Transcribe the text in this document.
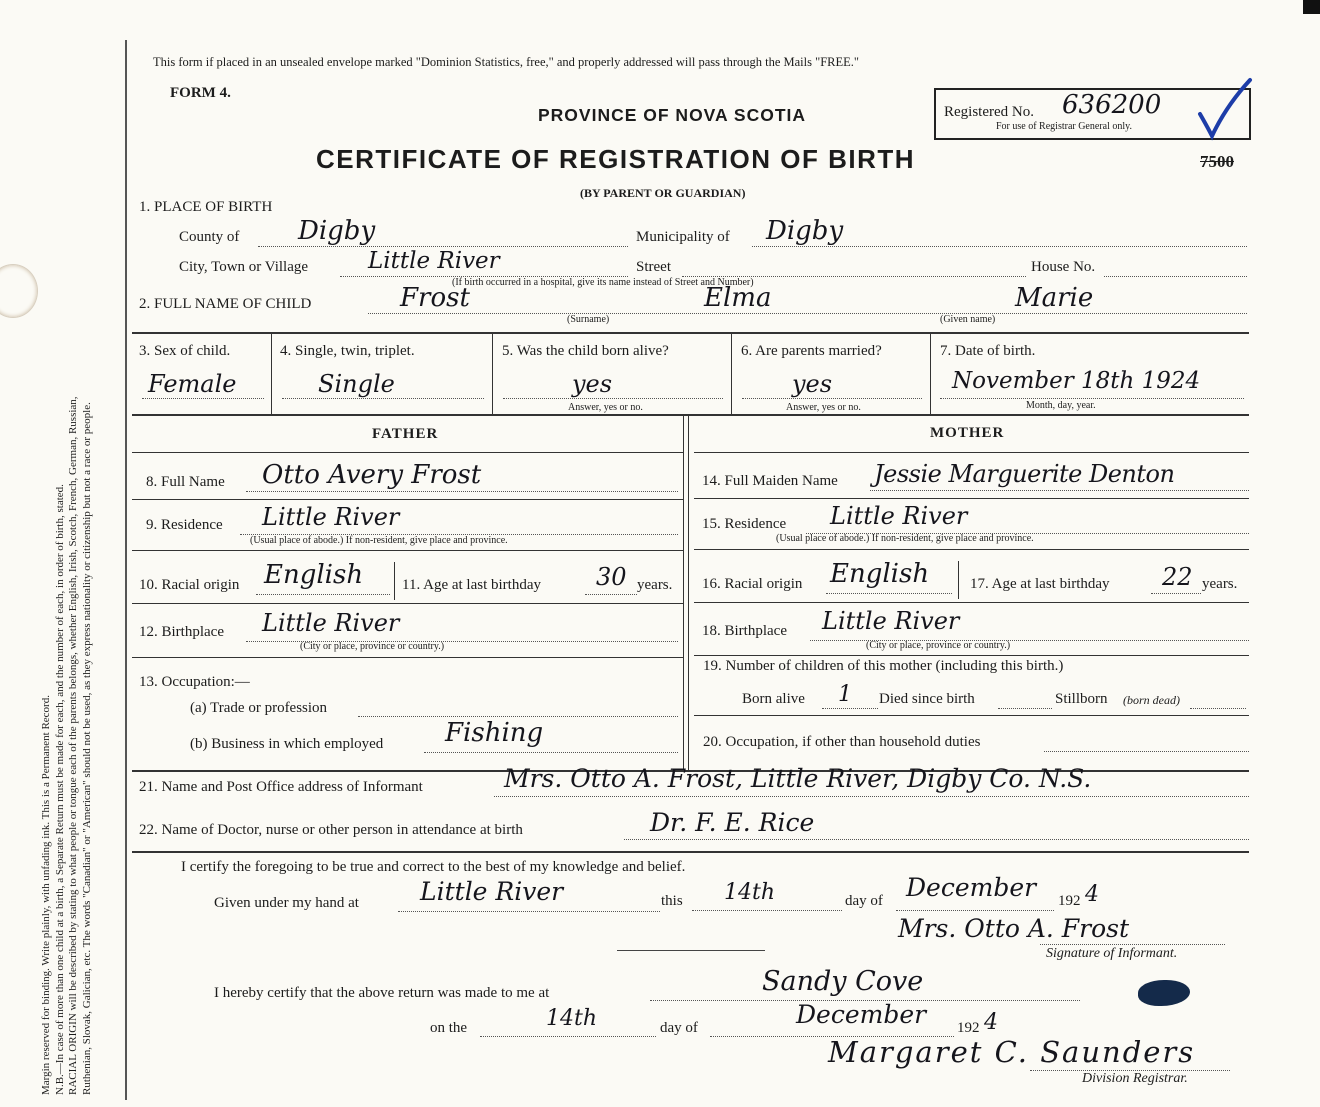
Margin reserved for binding. Write plainly, with unfading ink. This is a Permanent Record. N.B.—In case of more than one child at a birth, a Separate Return must be made for each, and the number of each, in order of birth, stated. RACIAL ORIGIN will be described by stating to what people or tongue each of the parents belongs, whether English, Irish, Scotch, French, German, Russian, Ruthenian, Slovak, Galician, etc. The words "Canadian" or "American" should not be used, as they express nationality or citizenship but not a race or people.
This form if placed in an unsealed envelope marked "Dominion Statistics, free," and properly addressed will pass through the Mails "FREE."
FORM 4.
PROVINCE OF NOVA SCOTIA
CERTIFICATE OF REGISTRATION OF BIRTH
(BY PARENT OR GUARDIAN)
Registered No. 636200
For use of Registrar General only.
7500
1. PLACE OF BIRTH
County of Digby	Municipality of Digby
City, Town or Village	Little River	Street	House No.
(If birth occurred in a hospital, give its name instead of Street and Number)
2. FULL NAME OF CHILD	Frost	Elma	Marie
(Surname)	(Given name)
3. Sex of child.
Female
4. Single, twin, triplet.
Single
5. Was the child born alive?
yes
Answer, yes or no.
6. Are parents married?
yes
Answer, yes or no.
7. Date of birth.
November 18th 1924
Month, day, year.
FATHER	MOTHER
8. Full Name Otto Avery Frost
9. Residence Little River
(Usual place of abode.) If non-resident, give place and province.
10. Racial origin English	11. Age at last birthday 30 years.
12. Birthplace Little River
(City or place, province or country.)
13. Occupation:—
(a) Trade or profession
(b) Business in which employed Fishing
14. Full Maiden Name Jessie Marguerite Denton
15. Residence Little River
(Usual place of abode.) If non-resident, give place and province.
16. Racial origin English	17. Age at last birthday 22 years.
18. Birthplace Little River
(City or place, province or country.)
19. Number of children of this mother (including this birth.)
Born alive 1 Died since birth	Stillborn (born dead)
20. Occupation, if other than household duties
21. Name and Post Office address of Informant	Mrs. Otto A. Frost, Little River, Digby Co. N.S.
22. Name of Doctor, nurse or other person in attendance at birth	Dr. F. E. Rice
I certify the foregoing to be true and correct to the best of my knowledge and belief.
Given under my hand at Little River	this 14th	day of December 192 4
Mrs. Otto A. Frost
Signature of Informant.
I hereby certify that the above return was made to me at	Sandy Cove
on the	14th	day of	December 192 4
Margaret C. Saunders
Division Registrar.
